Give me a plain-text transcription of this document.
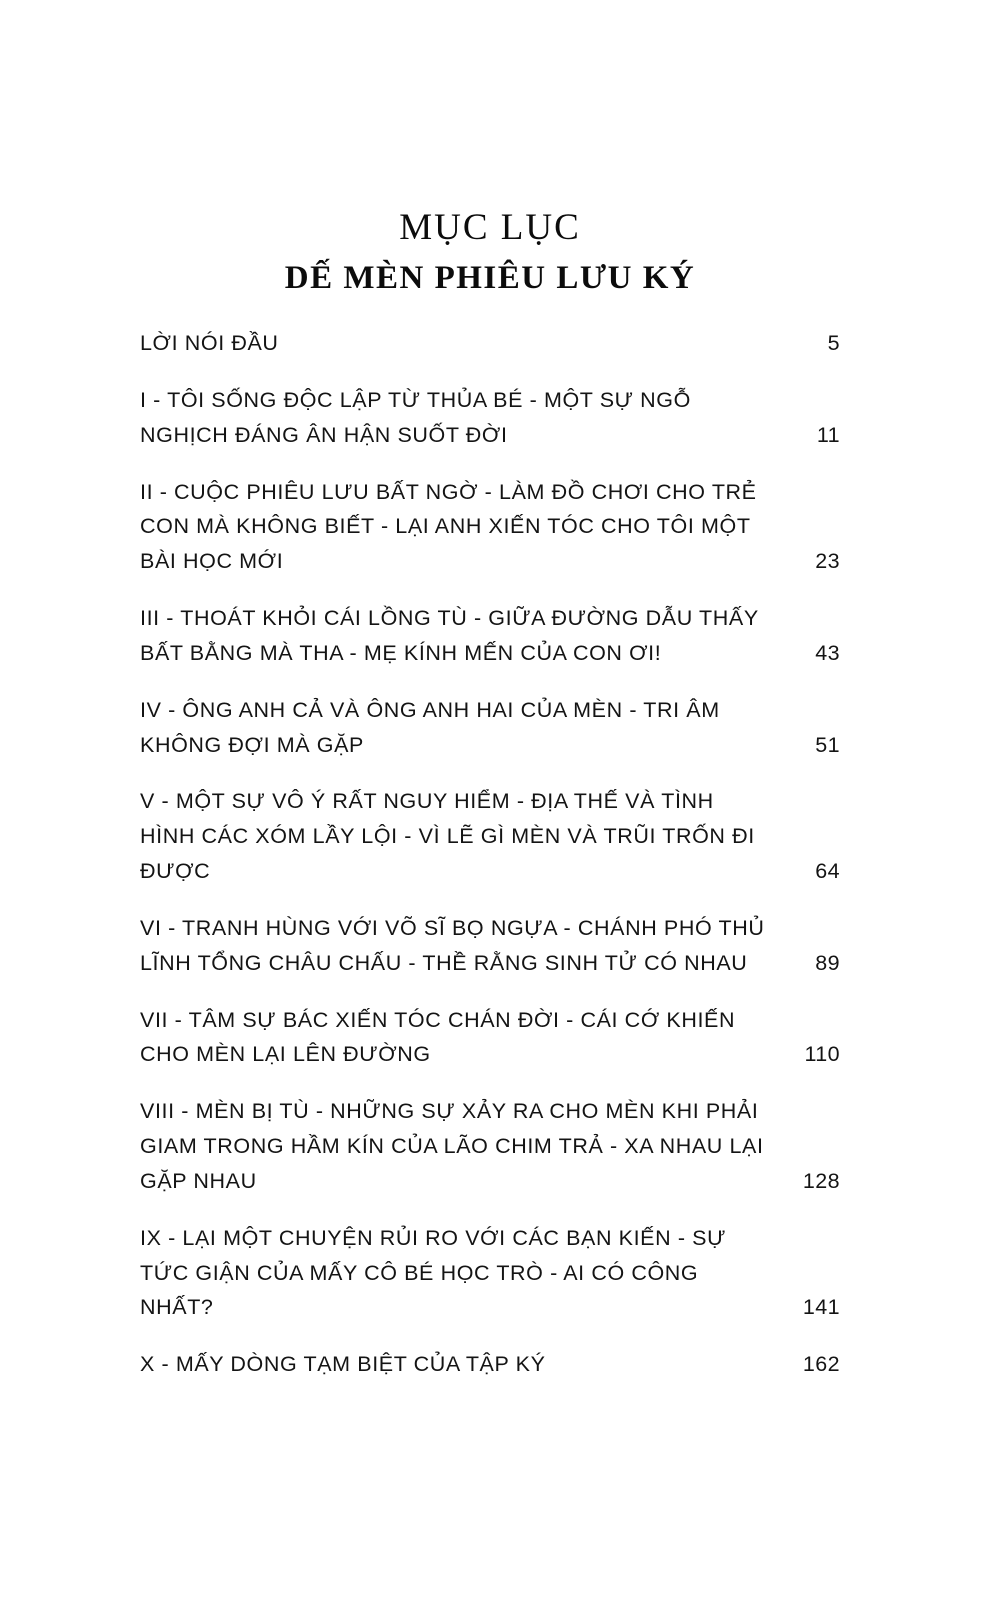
MỤC LỤC
DẾ MÈN PHIÊU LƯU KÝ
LỜI NÓI ĐẦU	5
I - TÔI SỐNG ĐỘC LẬP TỪ THỦA BÉ - MỘT SỰ NGỖ NGHỊCH ĐÁNG ÂN HẬN SUỐT ĐỜI	11
II - CUỘC PHIÊU LƯU BẤT NGỜ - LÀM ĐỒ CHƠI CHO TRẺ CON MÀ KHÔNG BIẾT - LẠI ANH XIẾN TÓC CHO TÔI MỘT BÀI HỌC MỚI	23
III - THOÁT KHỎI CÁI LỒNG TÙ - GIỮA ĐƯỜNG DẪU THẤY BẤT BẰNG MÀ THA - MẸ KÍNH MẾN CỦA CON ƠI!	43
IV - ÔNG ANH CẢ VÀ ÔNG ANH HAI CỦA MÈN - TRI ÂM KHÔNG ĐỢI MÀ GẶP	51
V - MỘT SỰ VÔ Ý RẤT NGUY HIỂM - ĐỊA THẾ VÀ TÌNH HÌNH CÁC XÓM LẦY LỘI - VÌ LẼ GÌ MÈN VÀ TRŨI TRỐN ĐI ĐƯỢC	64
VI - TRANH HÙNG VỚI VÕ SĨ BỌ NGỰA - CHÁNH PHÓ THỦ LĨNH TỔNG CHÂU CHẤU - THỀ RẰNG SINH TỬ CÓ NHAU	89
VII - TÂM SỰ BÁC XIẾN TÓC CHÁN ĐỜI - CÁI CỚ KHIẾN CHO MÈN LẠI LÊN ĐƯỜNG	110
VIII - MÈN BỊ TÙ - NHỮNG SỰ XẢY RA CHO MÈN KHI PHẢI GIAM TRONG HẦM KÍN CỦA LÃO CHIM TRẢ - XA NHAU LẠI GẶP NHAU	128
IX - LẠI MỘT CHUYỆN RỦI RO VỚI CÁC BẠN KIẾN - SỰ TỨC GIẬN CỦA MẤY CÔ BÉ HỌC TRÒ - AI CÓ CÔNG NHẤT?	141
X - MẤY DÒNG TẠM BIỆT CỦA TẬP KÝ	162
